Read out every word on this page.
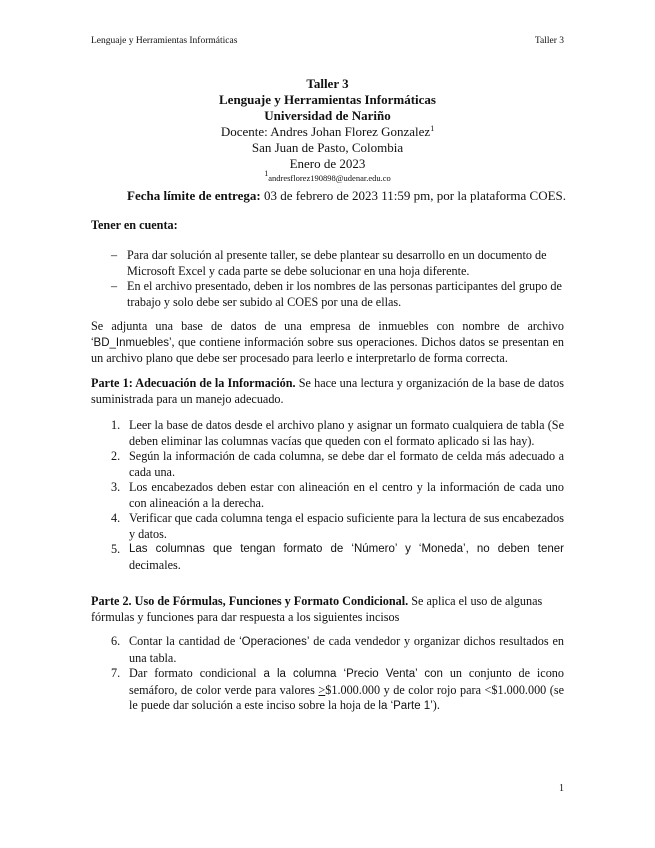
Lenguaje y Herramientas Informáticas	Taller 3
Taller 3
Lenguaje y Herramientas Informáticas
Universidad de Nariño
Docente: Andres Johan Florez Gonzalez$^1$
San Juan de Pasto, Colombia
Enero de 2023
$^1$andresflorez190898@udenar.edu.co
Fecha límite de entrega: 03 de febrero de 2023 11:59 pm, por la plataforma COES.

Tener en cuenta:

– Para dar solución al presente taller, se debe plantear su desarrollo en un documento de Microsoft Excel y cada parte se debe solucionar en una hoja diferente.

– En el archivo presentado, deben ir los nombres de las personas participantes del grupo de trabajo y solo debe ser subido al COES por una de ellas.

Se adjunta una base de datos de una empresa de inmuebles con nombre de archivo ‘BD_Inmuebles’, que contiene información sobre sus operaciones. Dichos datos se presentan en un archivo plano que debe ser procesado para leerlo e interpretarlo de forma correcta.
Parte 1: Adecuación de la Información. Se hace una lectura y organización de la base de datos suministrada para un manejo adecuado.

1. Leer la base de datos desde el archivo plano y asignar un formato cualquiera de tabla (Se deben eliminar las columnas vacías que queden con el formato aplicado si las hay).

2. Según la información de cada columna, se debe dar el formato de celda más adecuado a cada una.

3. Los encabezados deben estar con alineación en el centro y la información de cada uno con alineación a la derecha.

4. Verificar que cada columna tenga el espacio suficiente para la lectura de sus encabezados y datos.

5. Las columnas que tengan formato de ‘Número’ y ‘Moneda’, no deben tener
decimales.

Parte 2. Uso de Fórmulas, Funciones y Formato Condicional. Se aplica el uso de algunas fórmulas y funciones para dar respuesta a los siguientes incisos

6. Contar la cantidad de ‘Operaciones’ de cada vendedor y organizar dichos resultados en una tabla.

7. Dar formato condicional a la columna ‘Precio Venta’ con un conjunto de icono semáforo, de color verde para valores >$1.000.000 y de color rojo para <$1.000.000 (se le puede dar solución a este inciso sobre la hoja de la ‘Parte 1’).

1
